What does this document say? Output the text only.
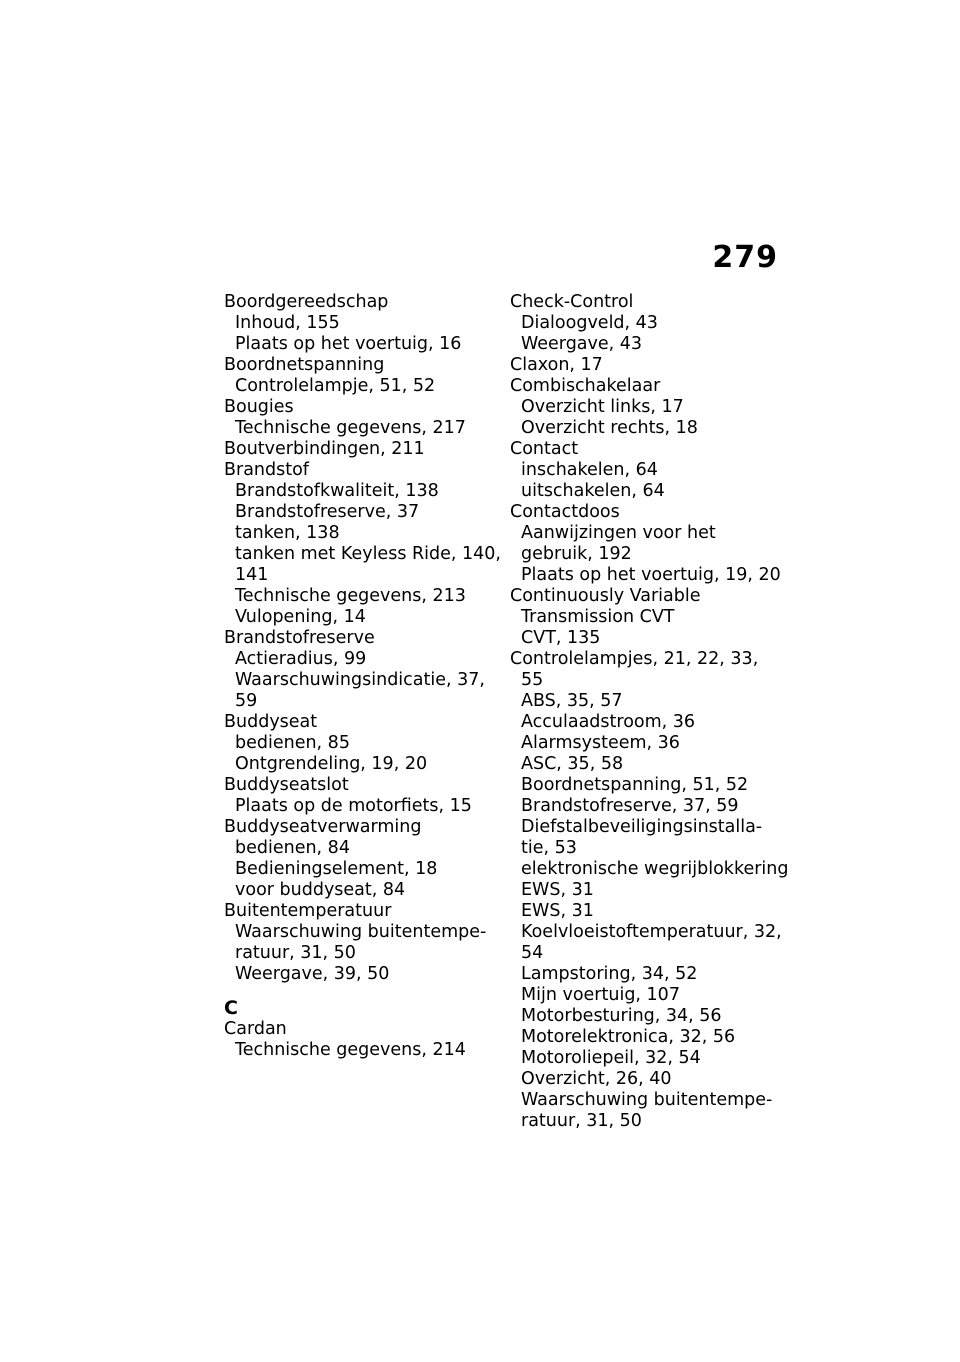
279
Boordgereedschap
Inhoud, 155
Plaats op het voertuig, 16
Boordnetspanning
Controlelampje, 51, 52
Bougies
Technische gegevens, 217
Boutverbindingen, 211
Brandstof
Brandstofkwaliteit, 138
Brandstofreserve, 37
tanken, 138
tanken met Keyless Ride, 140,
141
Technische gegevens, 213
Vulopening, 14
Brandstofreserve
Actieradius, 99
Waarschuwingsindicatie, 37,
59
Buddyseat
bedienen, 85
Ontgrendeling, 19, 20
Buddyseatslot
Plaats op de motorfiets, 15
Buddyseatverwarming
bedienen, 84
Bedieningselement, 18
voor buddyseat, 84
Buitentemperatuur
Waarschuwing buitentempe-
ratuur, 31, 50
Weergave, 39, 50
C
Cardan
Technische gegevens, 214
Check-Control
Dialoogveld, 43
Weergave, 43
Claxon, 17
Combischakelaar
Overzicht links, 17
Overzicht rechts, 18
Contact
inschakelen, 64
uitschakelen, 64
Contactdoos
Aanwijzingen voor het
gebruik, 192
Plaats op het voertuig, 19, 20
Continuously Variable
Transmission CVT
CVT, 135
Controlelampjes, 21, 22, 33,
55
ABS, 35, 57
Acculaadstroom, 36
Alarmsysteem, 36
ASC, 35, 58
Boordnetspanning, 51, 52
Brandstofreserve, 37, 59
Diefstalbeveiligingsinstalla-
tie, 53
elektronische wegrijblokkering
EWS, 31
EWS, 31
Koelvloeistoftemperatuur, 32,
54
Lampstoring, 34, 52
Mijn voertuig, 107
Motorbesturing, 34, 56
Motorelektronica, 32, 56
Motoroliepeil, 32, 54
Overzicht, 26, 40
Waarschuwing buitentempe-
ratuur, 31, 50
